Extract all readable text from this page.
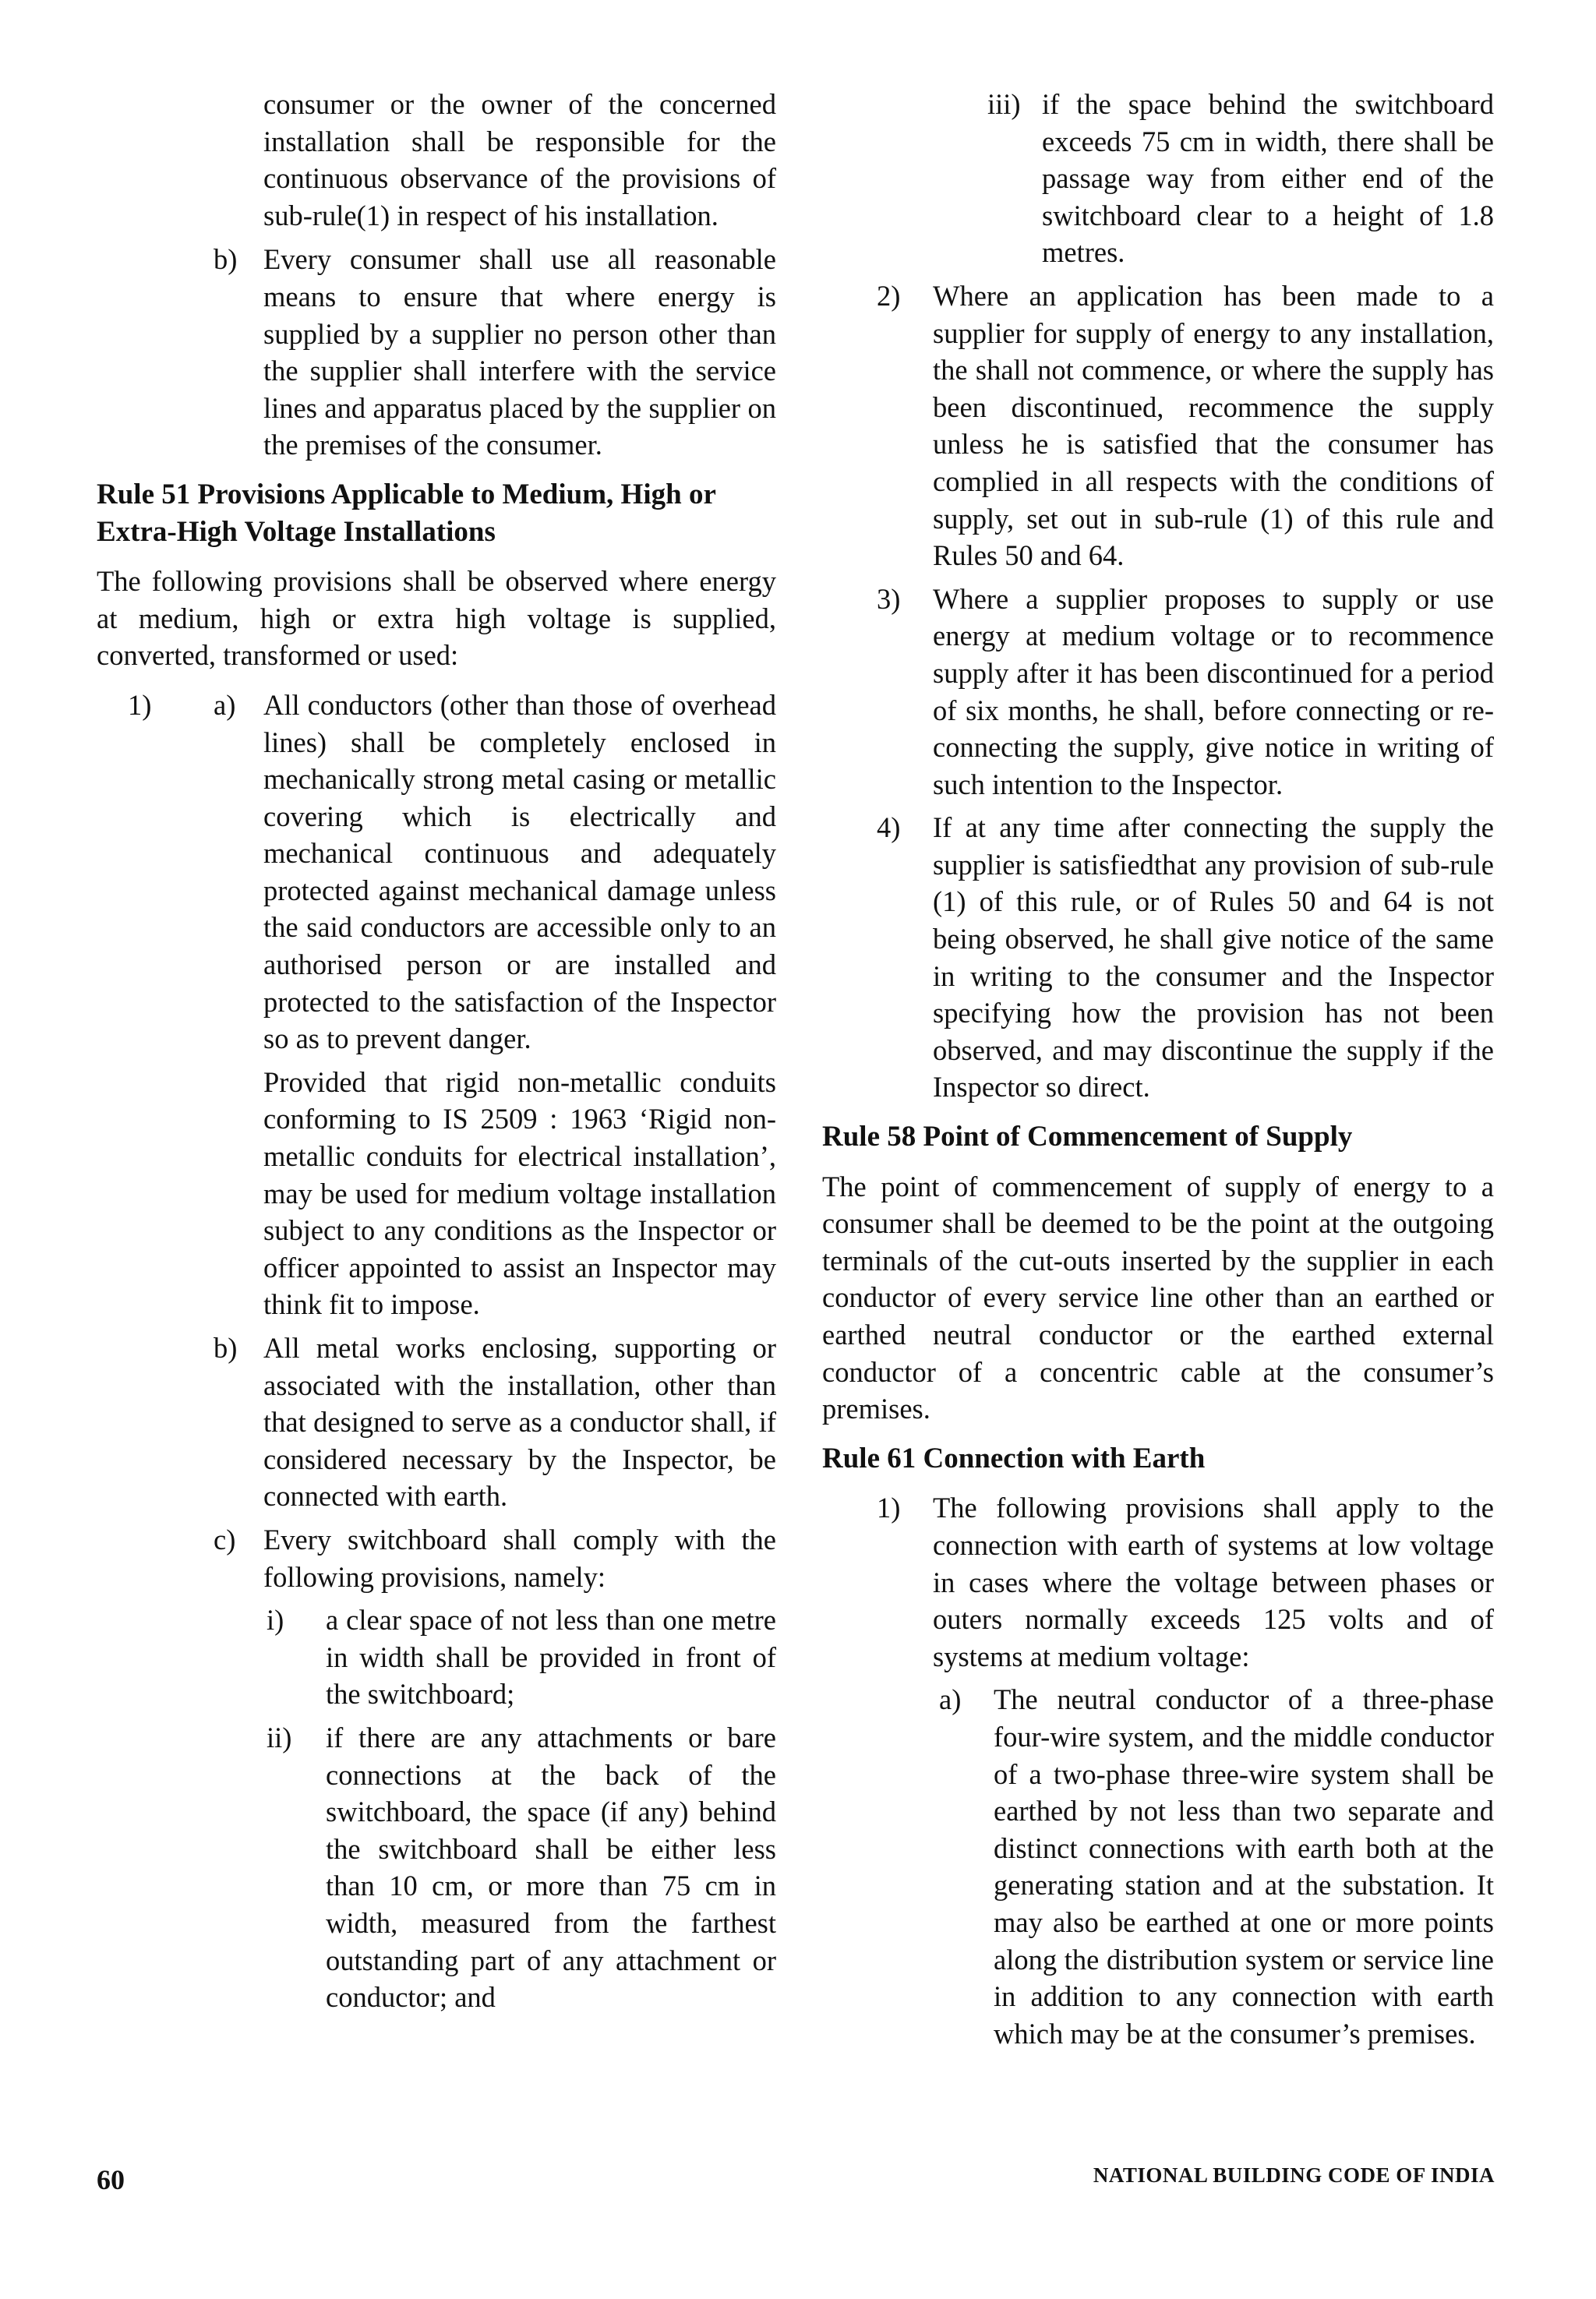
consumer or the owner of the concerned installation shall be responsible for the continuous observance of the provisions of sub-rule(1) in respect of his installation.

b) Every consumer shall use all reasonable means to ensure that where energy is supplied by a supplier no person other than the supplier shall interfere with the service lines and apparatus placed by the supplier on the premises of the consumer.

Rule 51 Provisions Applicable to Medium, High or Extra-High Voltage Installations

The following provisions shall be observed where energy at medium, high or extra high voltage is supplied, converted, transformed or used:

1) a) All conductors (other than those of overhead lines) shall be completely enclosed in mechanically strong metal casing or metallic covering which is electrically and mechanical continuous and adequately protected against mechanical damage unless the said conductors are accessible only to an authorised person or are installed and protected to the satisfaction of the Inspector so as to prevent danger.

Provided that rigid non-metallic conduits conforming to IS 2509 : 1963 ‘Rigid non-metallic conduits for electrical installation’, may be used for medium voltage installation subject to any conditions as the Inspector or officer appointed to assist an Inspector may think fit to impose.

b) All metal works enclosing, supporting or associated with the installation, other than that designed to serve as a conductor shall, if considered necessary by the Inspector, be connected with earth.

c) Every switchboard shall comply with the following provisions, namely:

i) a clear space of not less than one metre in width shall be provided in front of the switchboard;

ii) if there are any attachments or bare connections at the back of the switchboard, the space (if any) behind the switchboard shall be either less than 10 cm, or more than 75 cm in width, measured from the farthest outstanding part of any attachment or conductor; and

iii) if the space behind the switchboard exceeds 75 cm in width, there shall be passage way from either end of the switchboard clear to a height of 1.8 metres.

2) Where an application has been made to a supplier for supply of energy to any installation, the shall not commence, or where the supply has been discontinued, recommence the supply unless he is satisfied that the consumer has complied in all respects with the conditions of supply, set out in sub-rule (1) of this rule and Rules 50 and 64.

3) Where a supplier proposes to supply or use energy at medium voltage or to recommence supply after it has been discontinued for a period of six months, he shall, before connecting or re-connecting the supply, give notice in writing of such intention to the Inspector.

4) If at any time after connecting the supply the supplier is satisfiedthat any provision of sub-rule (1) of this rule, or of Rules 50 and 64 is not being observed, he shall give notice of the same in writing to the consumer and the Inspector specifying how the provision has not been observed, and may discontinue the supply if the Inspector so direct.

Rule 58 Point of Commencement of Supply

The point of commencement of supply of energy to a consumer shall be deemed to be the point at the outgoing terminals of the cut-outs inserted by the supplier in each conductor of every service line other than an earthed or earthed neutral conductor or the earthed external conductor of a concentric cable at the consumer’s premises.

Rule 61 Connection with Earth

1) The following provisions shall apply to the connection with earth of systems at low voltage in cases where the voltage between phases or outers normally exceeds 125 volts and of systems at medium voltage:

a) The neutral conductor of a three-phase four-wire system, and the middle conductor of a two-phase three-wire system shall be earthed by not less than two separate and distinct connections with earth both at the generating station and at the substation. It may also be earthed at one or more points along the distribution system or service line in addition to any connection with earth which may be at the consumer’s premises.

60	NATIONAL BUILDING CODE OF INDIA
